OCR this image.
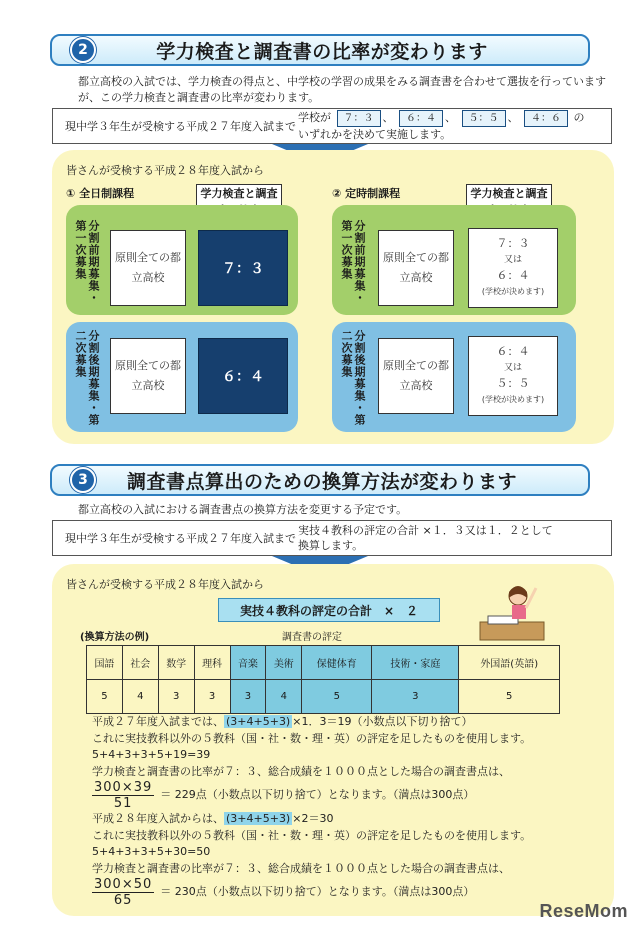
2	学力検査と調査書の比率が変わります
都立高校の入試では、学力検査の得点と、中学校の学習の成果をみる調査書を合わせて選抜を行っていますが、この学力検査と調査書の比率が変わります。
現中学３年生が受検する平成２７年度入試まで
学校が ７：３ 、 ６：４ 、 ５：５ 、 ４：６ の
いずれかを決めて実施します。
皆さんが受検する平成２８年度入試から
① 全日制課程	学力検査と調査
分割前期募集・第一次募集	原則全ての都立高校
７：３
分割後期募集・第二次募集	原則全ての都立高校
６：４
② 定時制課程	学力検査と調査
分割前期募集・第一次募集	原則全ての都立高校
７：３
又は
６：４
(学校が決めます)
分割後期募集・第二次募集	原則全ての都立高校
６：４
又は
５：５
(学校が決めます)
3	調査書点算出のための換算方法が変わります
都立高校の入試における調査書点の換算方法を変更する予定です。
現中学３年生が受検する平成２７年度入試まで
実技４教科の評定の合計 ×１．３又は１．２として
換算します。
皆さんが受検する平成２８年度入試から
実技４教科の評定の合計　×　２
(換算方法の例)	調査書の評定
国語	社会	数学	理科	音楽	美術	保健体育	技術・家庭	外国語(英語)
5	4	3	3	3	4	5	3	5
平成２７年度入試までは、 (3+4+5+3) ×1．3＝19（小数点以下切り捨て）
これに実技教科以外の５教科（国・社・数・理・英）の評定を足したものを使用します。
5+4+3+3+5+19=39
学力検査と調査書の比率が７：３、総合成績を１０００点とした場合の調査書点は、
$\frac{300\times 39}{51} = 229$点（小数点以下切り捨て）となります。（満点は300点）
平成２８年度入試からは、 (3+4+5+3) ×2＝30
これに実技教科以外の５教科（国・社・数・理・英）の評定を足したものを使用します。
5+4+3+3+5+30=50
学力検査と調査書の比率が７：３、総合成績を１０００点とした場合の調査書点は、
$\frac{300\times 50}{65} = 230$点（小数点以下切り捨て）となります。（満点は300点）
ReseMom
